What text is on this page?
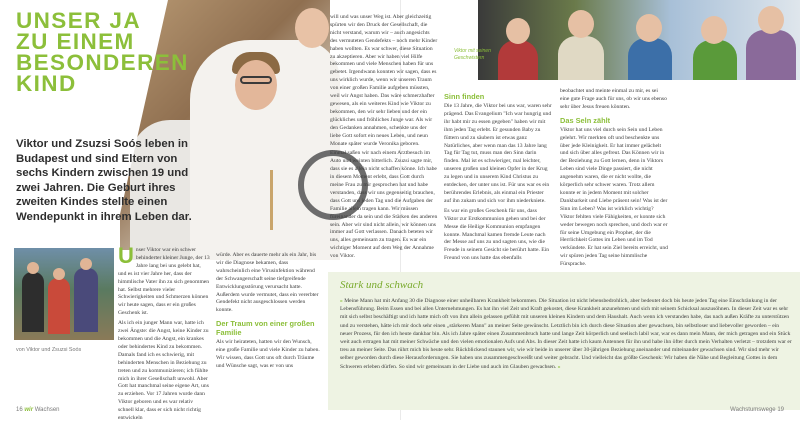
UNSER JA ZU EINEM BESONDEREN KIND
Viktor und Zsuzsi Soós leben in Budapest und sind Eltern von sechs Kindern zwischen 19 und zwei Jahren. Die Geburt ihres zweiten Kindes stellte einen Wendepunkt in ihrem Leben dar.
von Viktor und Zsuzsi Soós

Unser Viktor war ein schwer behinderter kleiner Junge, der 13 Jahre lang bei uns gelebt hat, und es ist vier Jahre her, dass der himmlische Vater ihn zu sich genommen hat. Selbst mehrere vieler Schwierigkeiten und Schmerzen können wir heute sagen, dass er ein großes Geschenk ist.

Als ich ein junger Mann war, hatte ich zwei Ängste: die Angst, keine Kinder zu bekommen und die Angst, ein krankes oder behindertes Kind zu bekommen. Damals fand ich es schwierig, mit behinderten Menschen in Beziehung zu treten und zu kommunizieren; ich fühlte mich in ihrer Gesellschaft unwohl. Aber Gott hat manchmal seine eigene Art, uns zu erziehen. Vor 17 Jahren wurde dann Viktor geboren und es war relativ schnell klar, dass er sich nicht richtig entwickeln

würde. Aber es dauerte mehr als ein Jahr, bis wir die Diagnose bekamen, dass wahrscheinlich eine Virusinfektion während der Schwangerschaft seine tiefgreifende Entwicklungsstörung verursacht hatte. Außerdem wurde vermutet, dass ein vererbter Gendefekt nicht ausgeschlossen werden konnte.

Der Traum von einer großen Familie

Als wir heirateten, hatten wir den Wunsch, eine große Familie und viele Kinder zu haben. Wir wissen, dass Gott uns oft durch Träume und Wünsche sagt, was er von uns

will und was unser Weg ist. Aber gleichzeitig spürten wir den Druck der Gesellschaft, die nicht verstand, warum wir – auch angesichts des vermuteten Gendefekts – noch mehr Kinder haben wollten. Es war schwer, diese Situation zu akzeptieren. Aber wir haben viel Hilfe bekommen und viele Menschen haben für uns gebetet. Irgendwann konnten wir sagen, dass es uns wirklich wurde, wenn wir unseren Traum von einer großen Familie aufgeben müssten, weil wir Angst haben. Das wäre schmerzhafter gewesen, als ein weiteres Kind wie Viktor zu bekommen, den wir sehr lieben und der ein glückliches und fröhliches Junge war. Als wir den Gedanken annahmen, schenkte uns der liebe Gott sofort ein neues Leben, und neun Monate später wurde Veronika geboren.

Einmal saßen wir nach einem Arztbesuch im Auto und weinten bitterlich. Zsuzsi sagte mir, dass sie es allein nicht schaffen könne. Ich habe in diesem Moment erlebt, dass Gott durch meine Frau zu mir gesprochen hat und habe verstanden, dass wir uns gegenseitig brauchen, dass Gott uns jeden Tag und die Aufgaben der Familie allein tragen kann. Wir müssen füreinander da sein und die Stärken des anderen sein. Aber wir sind nicht allein, wir können uns immer auf Gott verlassen. Danach beteten wir uns, alles gemeinsam zu tragen. Es war ein wichtiger Moment auf dem Weg der Annahme von Viktor.

Viktor mit seinen Geschwistern
Sinn finden

Die 13 Jahre, die Viktor bei uns war, waren sehr prägend. Das Evangelium "Ich war hungrig und ihr habt mir zu essen gegeben" haben wir mit ihm jeden Tag erlebt. Er gesunden Baby zu füttern und zu säubern ist etwas ganz Natürliches, aber wenn man das 13 Jahre lang Tag für Tag tut, muss man den Sinn darin finden. Mal ist es schwieriger, mal leichter, unseren großen und kleinen Opfer in der Krug zu legen und in unserem Kind Christus zu entdecken, der unter uns ist. Für uns war es ein berührendes Erlebnis, als einmal ein Priester auf ihn zukam und sich vor ihm niederkniete.

Es war ein großes Geschenk für uns, dass Viktor zur Erstkommunion gehen und bei der Messe die Heilige Kommunion empfangen konnte. Manchmal kamen fremde Leute nach der Messe auf uns zu und sagten uns, wie die Freude in seinem Gesicht sie berührt hatte. Ein Freund von uns hatte das ebenfalls

beobachtet und meinte einmal zu mir, es sei eine gute Frage auch für uns, ob wir uns ebenso sehr über Jesus freuen könnten.

Das Seln zählt

Viktor hat uns viel durch sein Sein und Leben gelehrt. Wir merkten oft und beschenkte uns über jede Kleinigkeit. Er hat immer gelächelt und sich über alles gefreut. Das Können wir in der Beziehung zu Gott lernen, denn in Viktors Leben sind viele Dinge passiert, die nicht angenehm waren, die er nicht wollte, die körperlich sehr schwer waren. Trotz allem konnte er in jedem Moment mit solcher Dankbarkeit und Liebe präsent sein! Was ist der Sinn im Leben? Was ist wirklich wichtig? Viktor fehlten viele Fähigkeiten, er konnte sich weder bewegen noch sprechen, und doch war er für seine Umgebung ein Prophet, der die Herrlichkeit Gottes im Leben und im Tod verkündete. Er hat sein Ziel bereits erreicht, und wir spüren jeden Tag seine himmlische Fürsprache.

Stark und schwach
» Meine Mann hat mit Anfang 30 die Diagnose einer unheilbaren Krankheit bekommen. Die Situation ist nicht lebensbedrohlich, aber bedeutet doch bis heute jeden Tag eine Einschränkung in der Lebensführung. Beim Essen und bei allen Unternehmungen. Es hat ihn viel Zeit und Kraft gekostet, diese Krankheit anzunehmen und sich mit seinem Schicksal auszusöhnen. In dieser Zeit war es sehr mit sich selbst beschäftigt und ich hatte mich oft von ihm allein gelassen gefühlt mit unseren kleinen Kindern und dem Haushalt. Auch wenn ich verstanden habe, das nach außen Kräfte zu unterstützen und zu verstehen, hätte ich mir doch sehr einen „stärkeren Mann" an meiner Seite gewünscht. Letztlich bin ich durch diese Situation aber gewachsen, bin selbstloser und liebevoller geworden – ein neuer Prozess, für den ich heute dankbar bin. Als ich Jahre später einen Zusammenbruch hatte und lange Zeit körperlich und seelisch labil war, war es dann mein Mann, der mich getragen und ein Stück weit auch ertragen hat mit meiner Schwäche und den vielen emotionalen Aufs und Abs. In dieser Zeit hatte ich kaum Antennen für ihn und habe ihn öfter durch mein Verhalten verletzt – trotzdem war er treu an meiner Seite. Das rührt mich bis heute sehr. Rückblickend staunen wir, wie wir beide in unserer über 30-jährigen Beziehung aneinander und miteinander gewachsen sind. Wir sind mehr wir selber geworden durch diese Herausforderungen. Sie haben uns zusammengeschweißt und weiter gebracht. Und vielleicht das größte Geschenk: Wir haben die Nähe und Begleitung Gottes in dem Schweren erleben dürfen. So sind wir gemeinsam in der Liebe und auch im Glauben gewachsen. «
16 wir Wachsen	Wachstumswege 19
